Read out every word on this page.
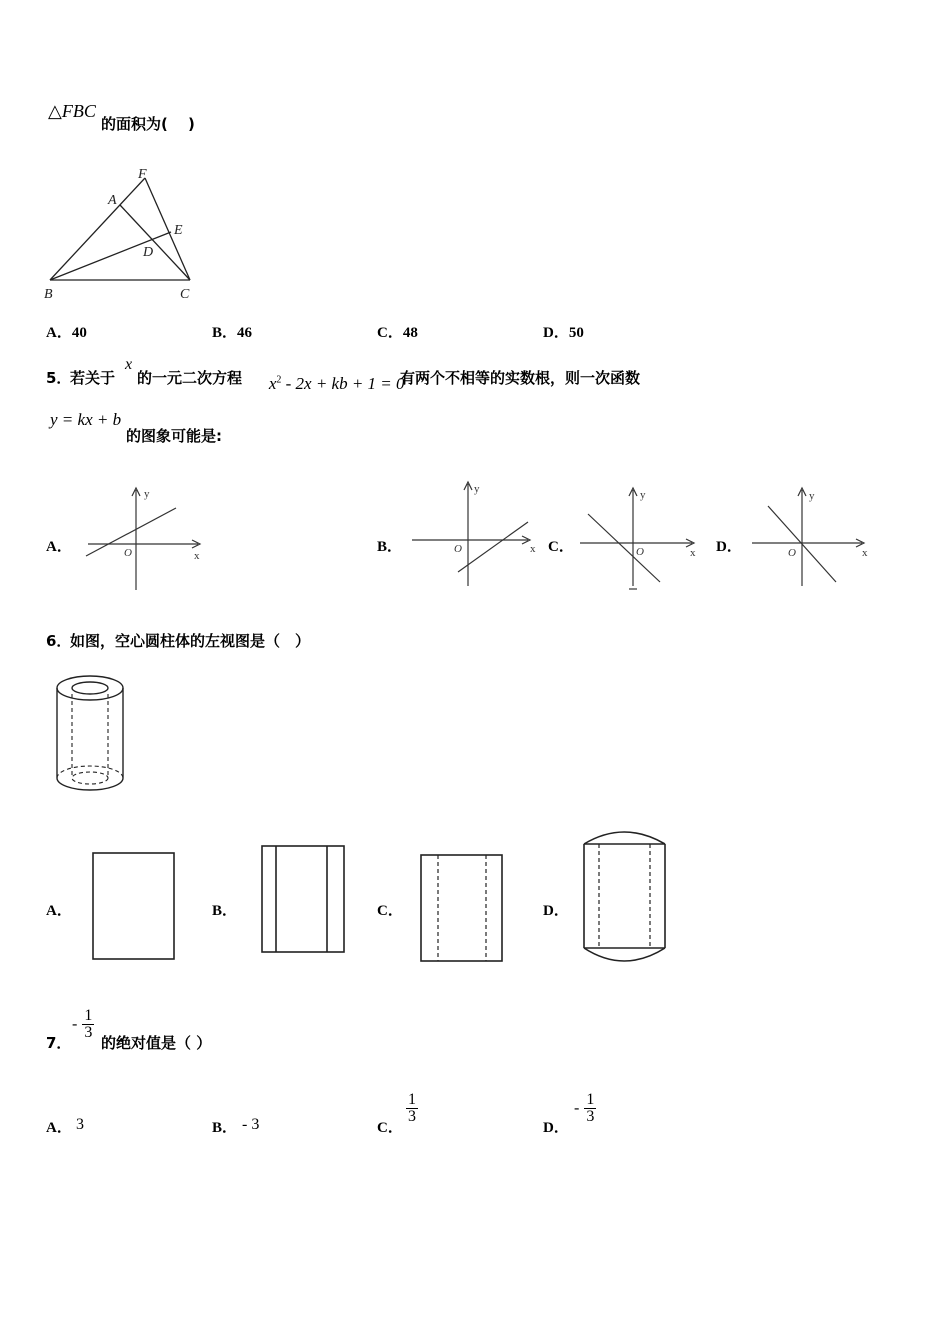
△FBC 的面积为(　 )
B	C
A
F
E
D
A．40	B．46	C．48	D．50
5．
若关于
x
的一元二次方程	$x^2 - 2x$ + kb + 1 = 0

有两个不相等的实数根，则一次函数
y = kx + b
的图象可能是:
A．	B．	C．	D．
y
x
O
y
x
O
y
x
O
y
x
O
6．
如图，空心圆柱体的左视图是（　）
A．	B．	C．	D．
7．
- $\frac{1}{3}$
的绝对值是（ ）
A． 3	B． - 3	C．
$\frac{1}{3}$
D．
- $\frac{1}{3}$
